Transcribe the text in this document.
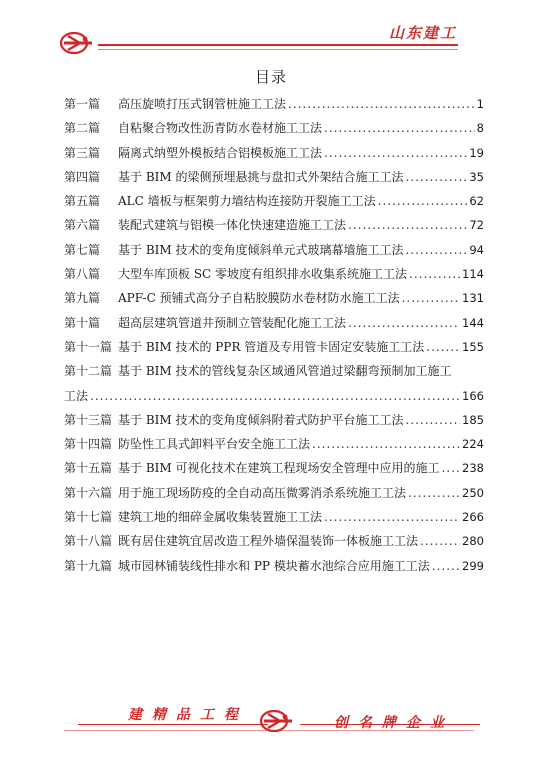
山东建工
目录
第一篇	高压旋喷打压式钢管桩施工工法 .....	1
第二篇	自粘聚合物改性沥青防水卷材施工工法 .....	8
第三篇	隔离式纳塑外模板结合铝模板施工工法 .....	19
第四篇	基于 BIM 的梁侧预埋悬挑与盘扣式外架结合施工工法 .....	35
第五篇	ALC 墙板与框架剪力墙结构连接防开裂施工工法 .....	62
第六篇	装配式建筑与铝模一体化快速建造施工工法 .....	72
第七篇	基于 BIM 技术的变角度倾斜单元式玻璃幕墙施工工法 .....	94
第八篇	大型车库顶板 SC 零坡度有组织排水收集系统施工工法 .....	114
第九篇	APF-C 预铺式高分子自粘胶膜防水卷材防水施工工法 .....	131
第十篇	超高层建筑管道井预制立管装配化施工工法 .....	144
第十一篇 基于 BIM 技术的 PPR 管道及专用管卡固定安装施工工法 .....	155
第十二篇 基于 BIM 技术的管线复杂区域通风管道过梁翻弯预制加工施工
工法 .....	166
第十三篇 基于 BIM 技术的变角度倾斜附着式防护平台施工工法 .....	185
第十四篇 防坠性工具式卸料平台安全施工工法 .....	224
第十五篇 基于 BIM 可视化技术在建筑工程现场安全管理中应用的施工 ..... 238
第十六篇 用于施工现场防疫的全自动高压微雾消杀系统施工工法 .....	250
第十七篇 建筑工地的细碎金属收集装置施工工法 .....	266
第十八篇 既有居住建筑宜居改造工程外墙保温装饰一体板施工工法 .....	280
第十九篇 城市园林铺装线性排水和 PP 模块蓄水池综合应用施工工法 .....	299
建精品工程	创名牌企业
